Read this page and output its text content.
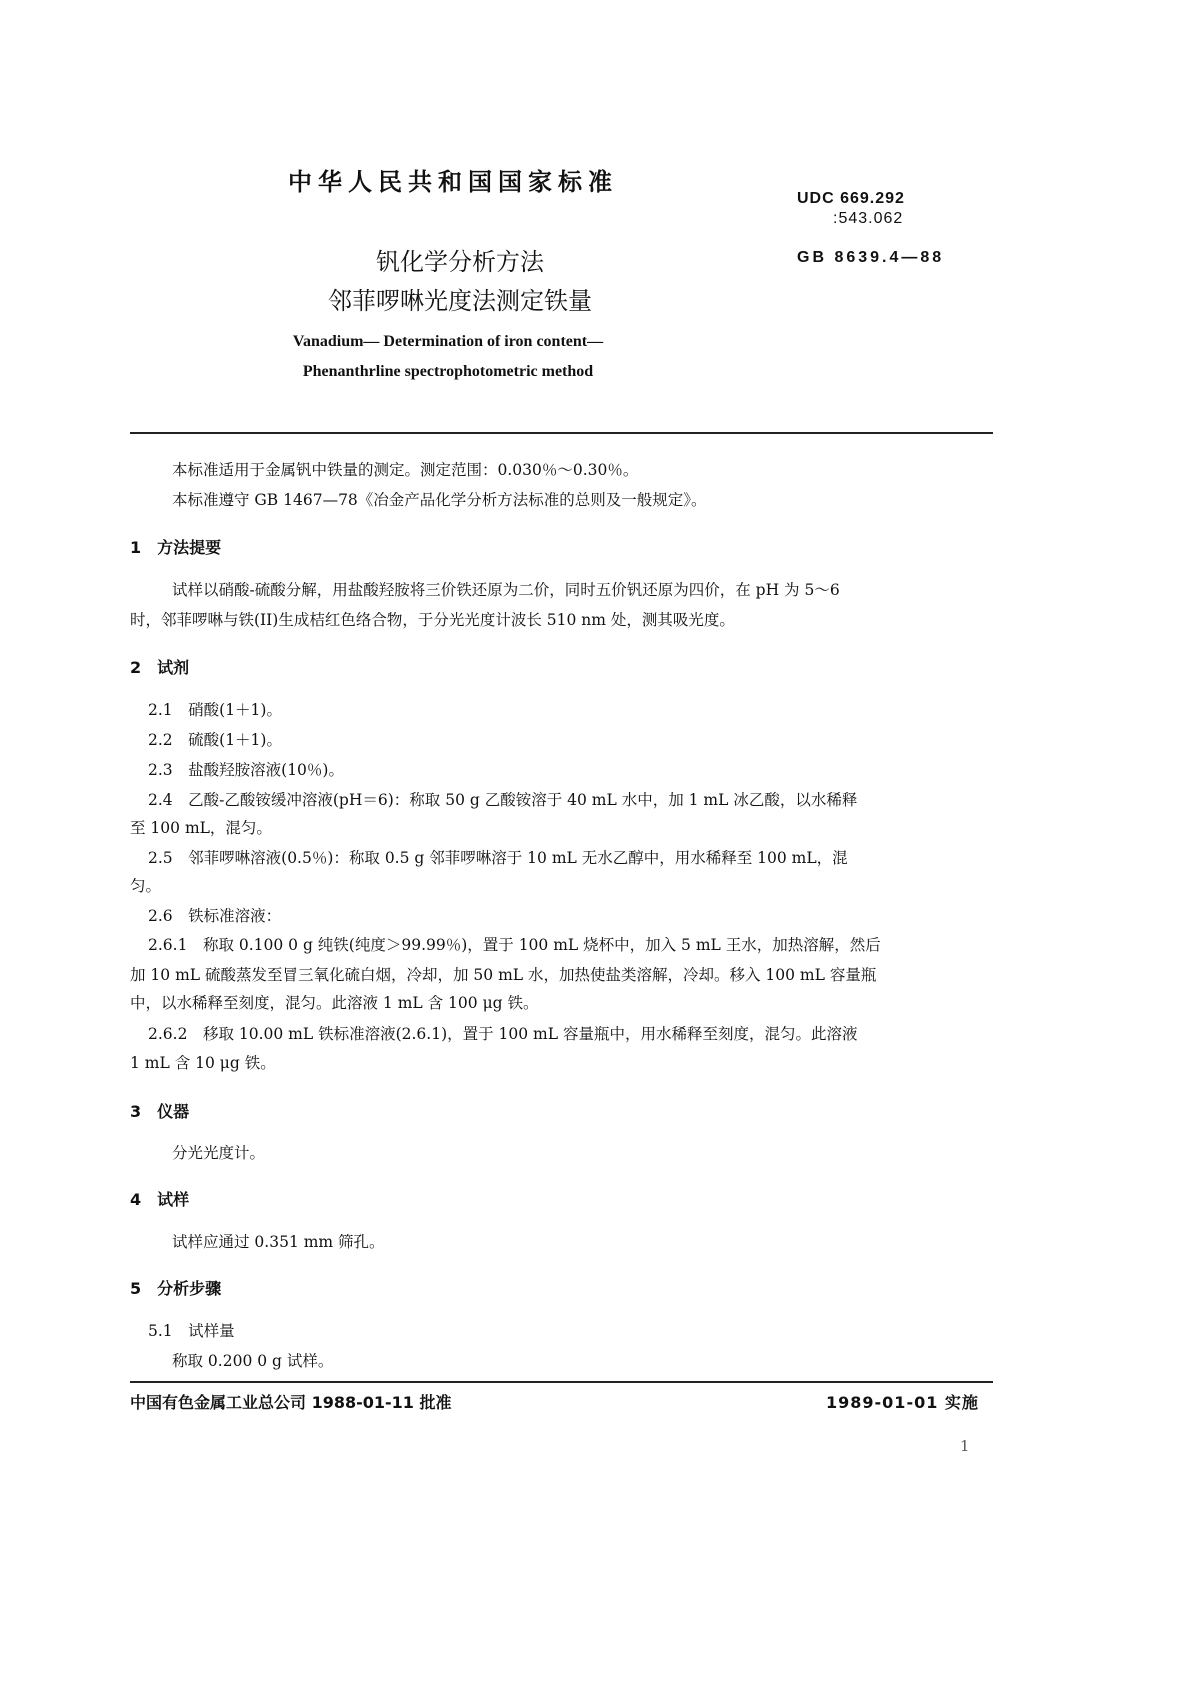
中华人民共和国国家标准
UDC 669.292
:543.062
GB 8639.4—88
钒化学分析方法
邻菲啰啉光度法测定铁量
Vanadium— Determination of iron content—
Phenanthrline spectrophotometric method
本标准适用于金属钒中铁量的测定。测定范围：0.030％～0.30％。
本标准遵守 GB 1467—78《冶金产品化学分析方法标准的总则及一般规定》。
1　方法提要
试样以硝酸-硫酸分解，用盐酸羟胺将三价铁还原为二价，同时五价钒还原为四价，在 pH 为 5～6
时，邻菲啰啉与铁(II)生成桔红色络合物，于分光光度计波长 510 nm 处，测其吸光度。
2　试剂
2.1　硝酸(1＋1)。
2.2　硫酸(1＋1)。
2.3　盐酸羟胺溶液(10％)。
2.4　乙酸-乙酸铵缓冲溶液(pH＝6)：称取 50 g 乙酸铵溶于 40 mL 水中，加 1 mL 冰乙酸，以水稀释
至 100 mL，混匀。
2.5　邻菲啰啉溶液(0.5％)：称取 0.5 g 邻菲啰啉溶于 10 mL 无水乙醇中，用水稀释至 100 mL，混
匀。
2.6　铁标准溶液：
2.6.1　称取 0.100 0 g 纯铁(纯度＞99.99％)，置于 100 mL 烧杯中，加入 5 mL 王水，加热溶解，然后
加 10 mL 硫酸蒸发至冒三氧化硫白烟，冷却，加 50 mL 水，加热使盐类溶解，冷却。移入 100 mL 容量瓶
中，以水稀释至刻度，混匀。此溶液 1 mL 含 100 μg 铁。
2.6.2　移取 10.00 mL 铁标准溶液(2.6.1)，置于 100 mL 容量瓶中，用水稀释至刻度，混匀。此溶液
1 mL 含 10 μg 铁。
3　仪器
分光光度计。
4　试样
试样应通过 0.351 mm 筛孔。
5　分析步骤
5.1　试样量
称取 0.200 0 g 试样。
中国有色金属工业总公司 1988-01-11 批准	1989-01-01 实施
1
